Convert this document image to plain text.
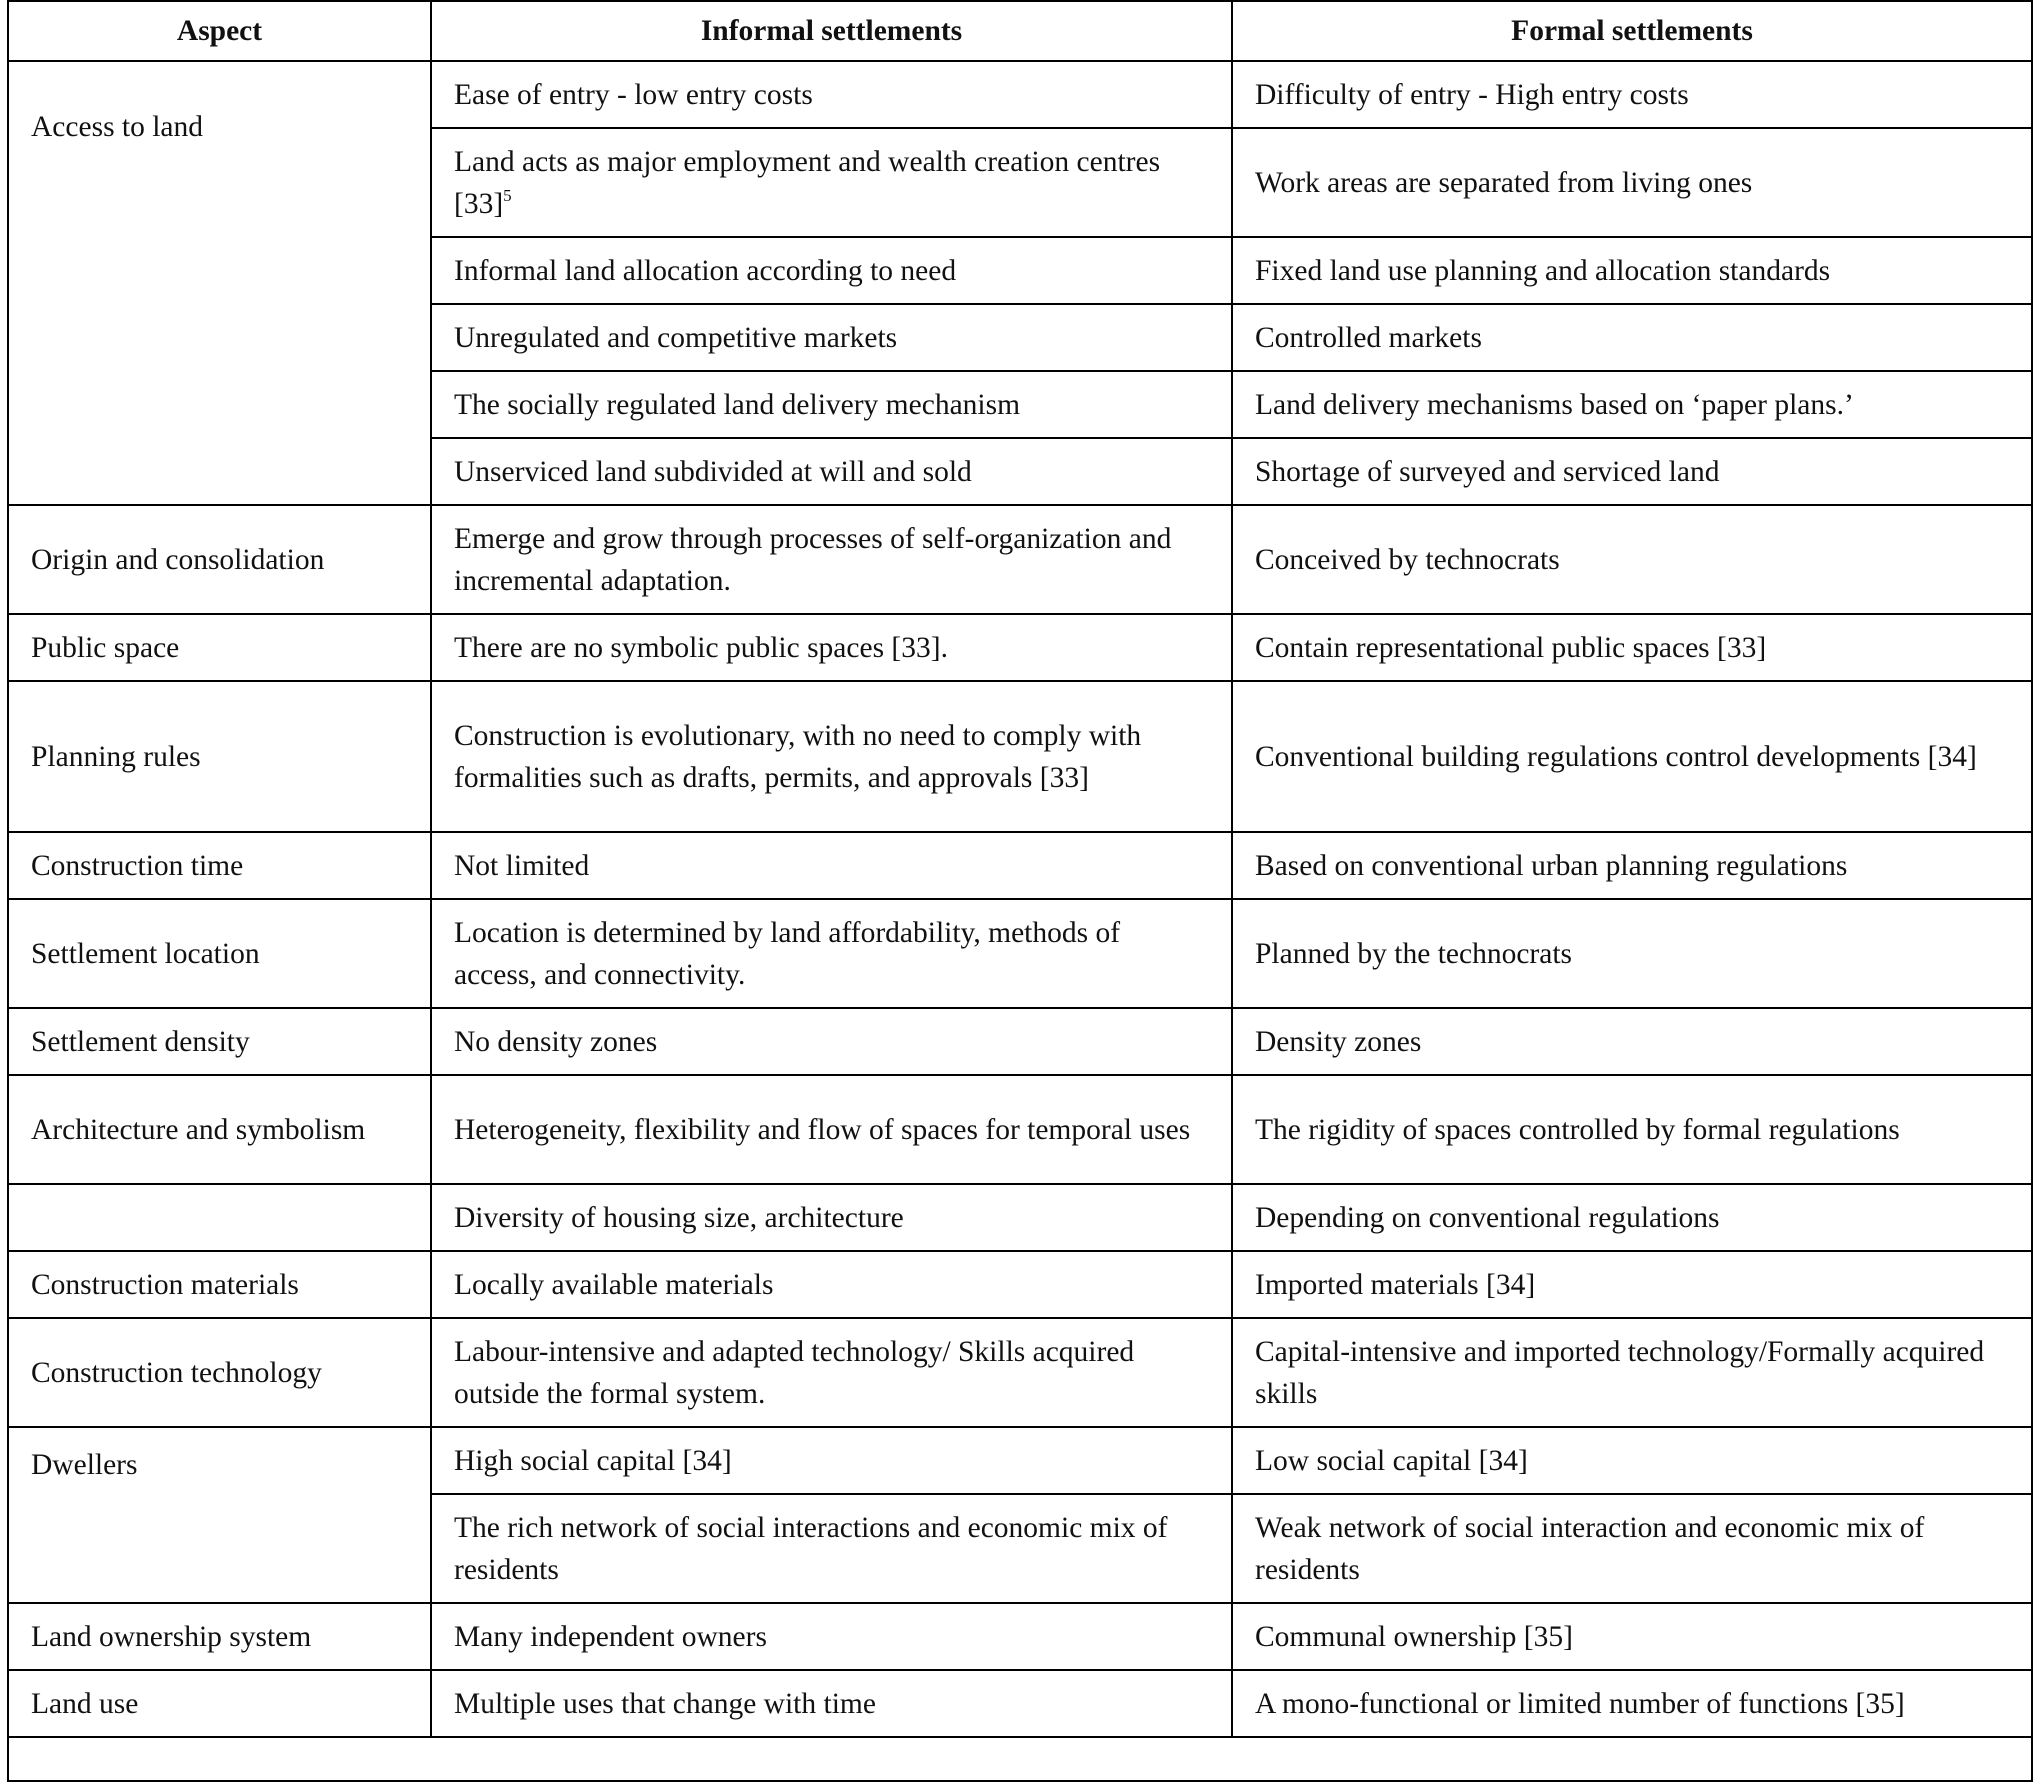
Aspect	Informal settlements	Formal settlements
Access to land	Ease of entry - low entry costs	Difficulty of entry - High entry costs
	Land acts as major employment and wealth creation centres $[33]^5$	Work areas are separated from living ones
	Informal land allocation according to need	Fixed land use planning and allocation standards
	Unregulated and competitive markets	Controlled markets
	The socially regulated land delivery mechanism	Land delivery mechanisms based on ‘paper plans.’
	Unserviced land subdivided at will and sold	Shortage of surveyed and serviced land
Origin and consolidation	Emerge and grow through processes of self-organization and incremental adaptation.	Conceived by technocrats
Public space	There are no symbolic public spaces [33].	Contain representational public spaces [33]
Planning rules	Construction is evolutionary, with no need to comply with formalities such as drafts, permits, and approvals [33]	Conventional building regulations control developments [34]
Construction time	Not limited	Based on conventional urban planning regulations
Settlement location	Location is determined by land affordability, methods of access, and connectivity.	Planned by the technocrats
Settlement density	No density zones	Density zones
Architecture and symbolism	Heterogeneity, flexibility and flow of spaces for temporal uses	The rigidity of spaces controlled by formal regulations
	Diversity of housing size, architecture	Depending on conventional regulations
Construction materials	Locally available materials	Imported materials [34]
Construction technology	Labour-intensive and adapted technology/ Skills acquired outside the formal system.	Capital-intensive and imported technology/Formally acquired skills
Dwellers	High social capital [34]	Low social capital [34]
	The rich network of social interactions and economic mix of residents	Weak network of social interaction and economic mix of residents
Land ownership system	Many independent owners	Communal ownership [35]
Land use	Multiple uses that change with time	A mono-functional or limited number of functions [35]
